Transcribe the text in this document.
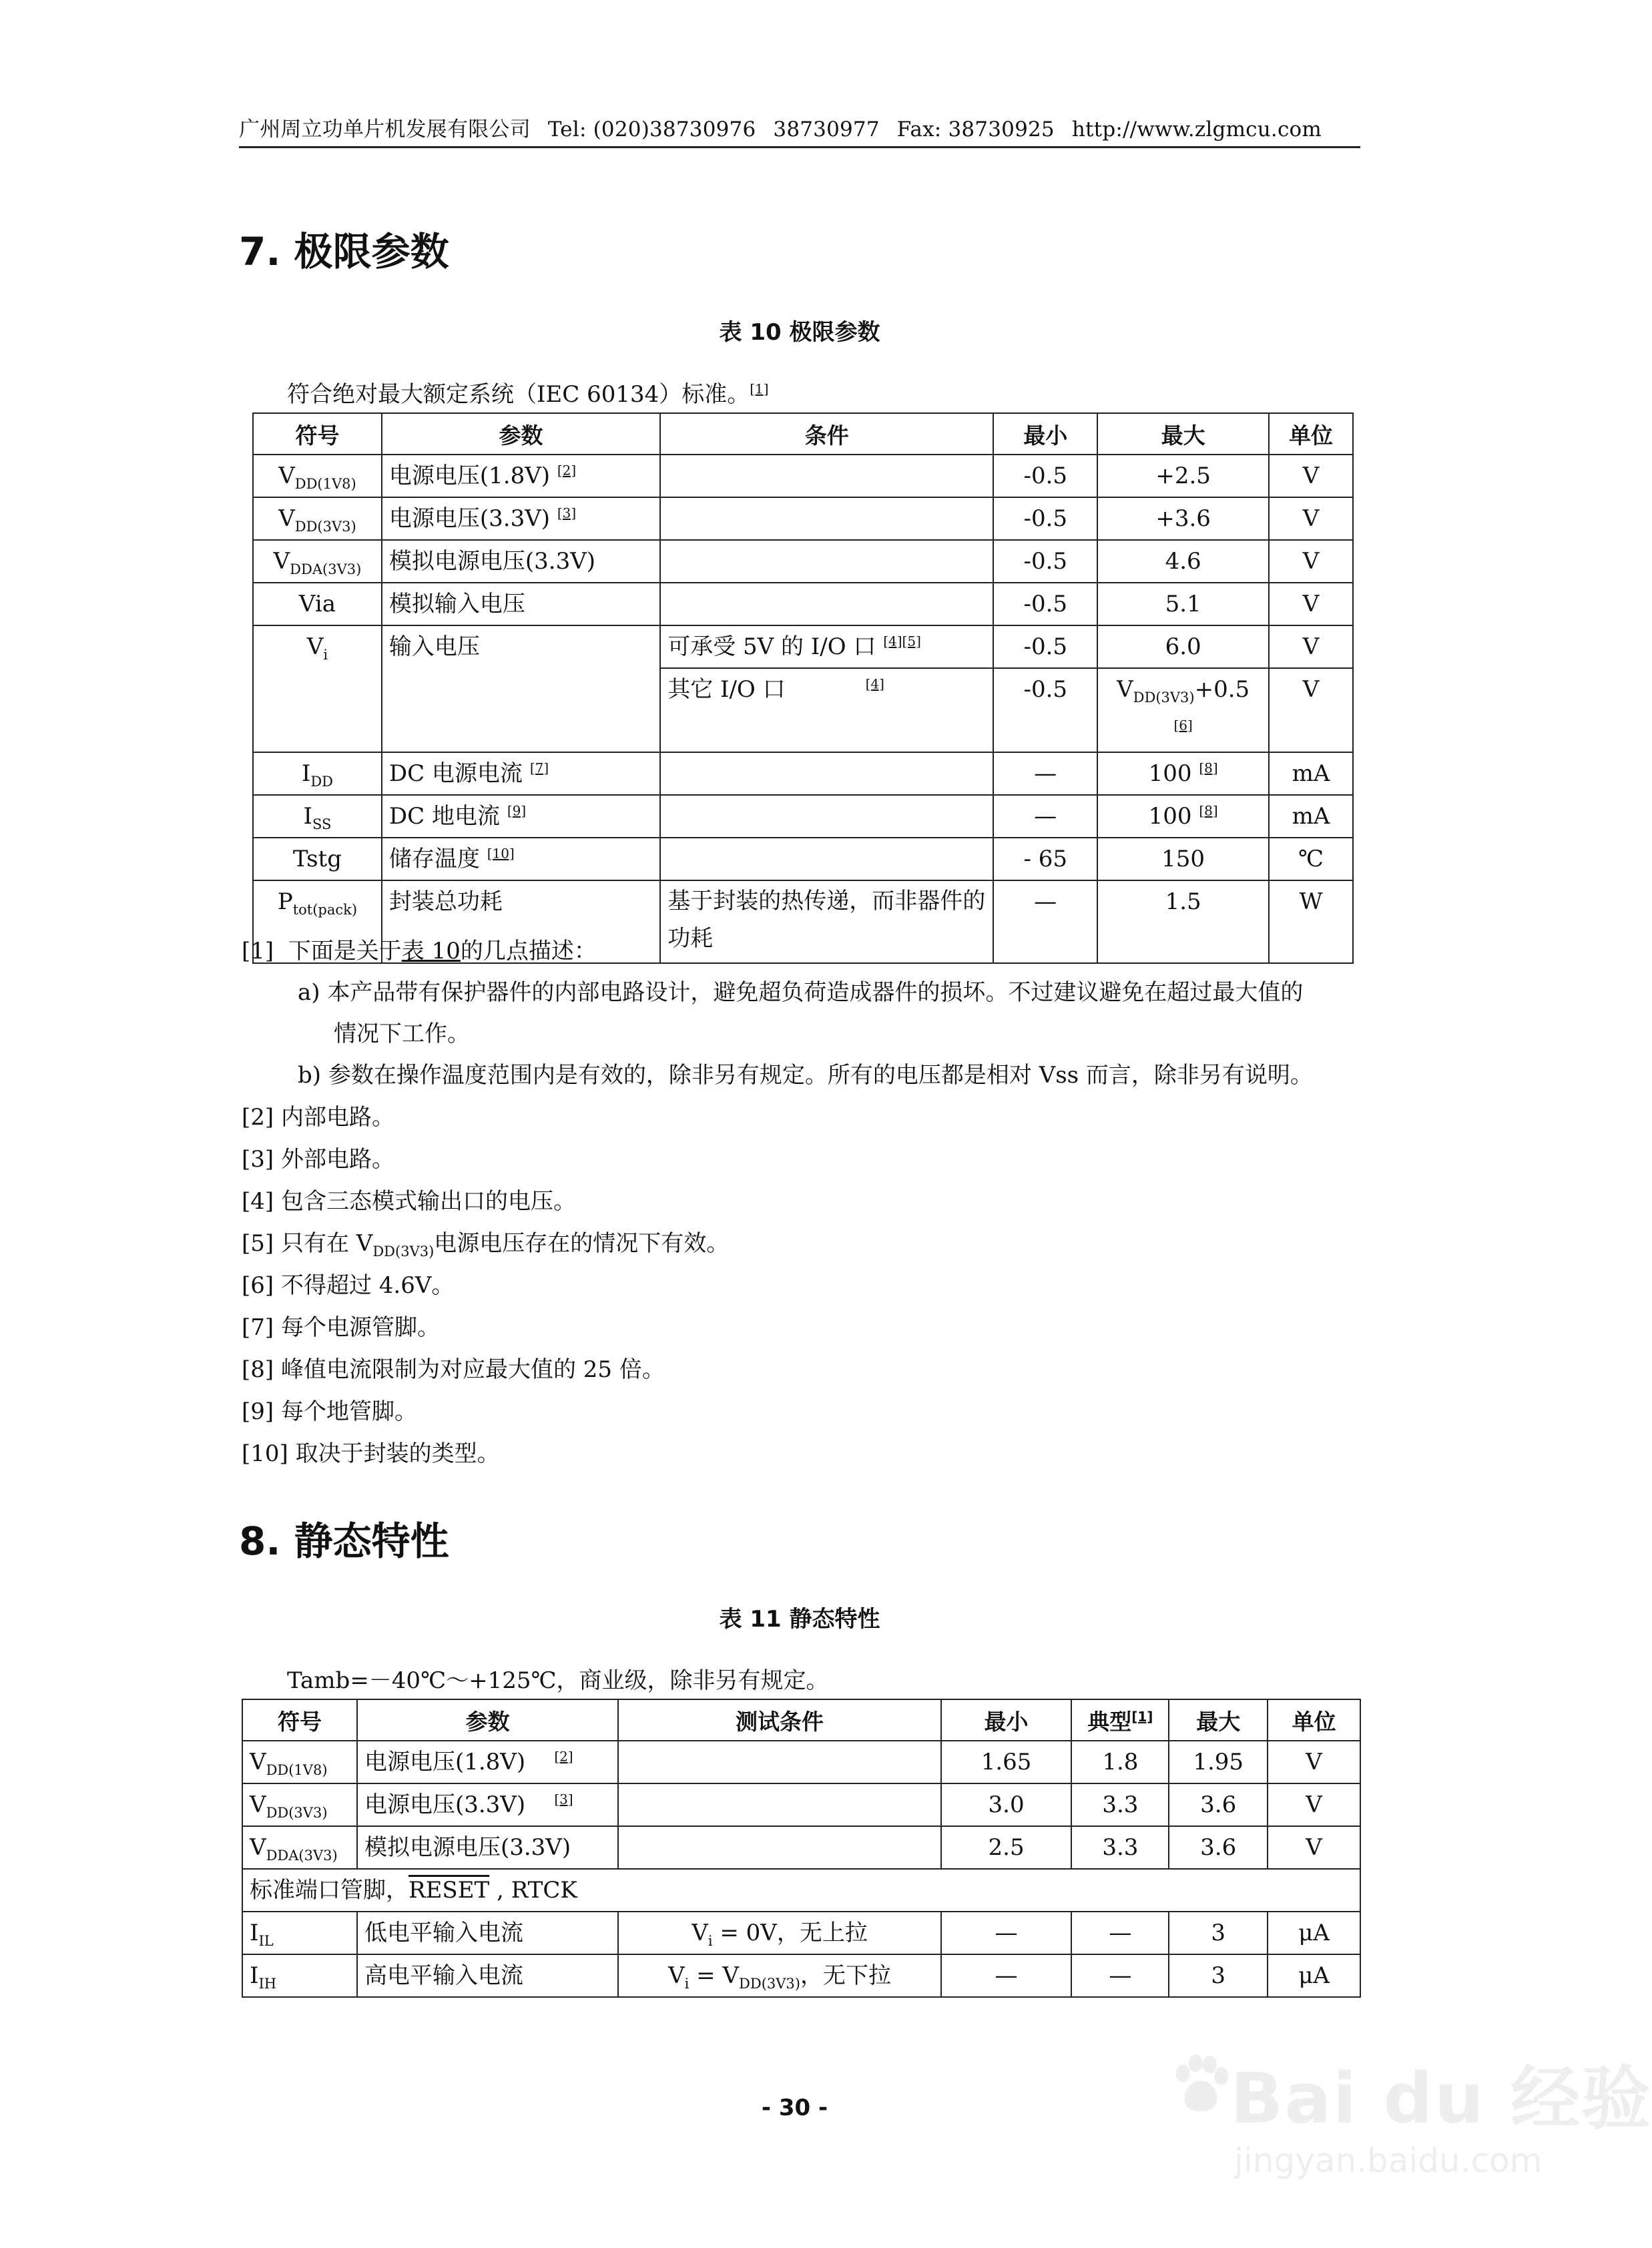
广州周立功单片机发展有限公司 Tel: (020)38730976 38730977 Fax: 38730925 http://www.zlgmcu.com
7. 极限参数
表 10 极限参数
符合绝对最大额定系统（IEC 60134）标准。[1]
符号	参数	条件	最小	最大	单位
$V_{DD(1V8)}$	电源电压(1.8V) [2]		-0.5	+2.5	V
$V_{DD(3V3)}$	电源电压(3.3V) [3]		-0.5	+3.6	V
$V_{DDA(3V3)}$	模拟电源电压(3.3V)		-0.5	4.6	V
Via	模拟输入电压		-0.5	5.1	V
$V_i$	输入电压	可承受 5V 的 I/O 口 [4][5]	-0.5	6.0	V
		其它 I/O 口 [4]	-0.5	$V_{DD(3V3)}+0.5$ [6]	V
$I_{DD}$	DC 电源电流 [7]		—	100 [8]	mA
$I_{SS}$	DC 地电流 [9]		—	100 [8]	mA
Tstg	储存温度 [10]		- 65	150	℃
$P_{tot(pack)}$	封装总功耗	基于封装的热传递，而非器件的功耗	—	1.5	W
[1] 下面是关于表 10的几点描述：
a) 本产品带有保护器件的内部电路设计，避免超负荷造成器件的损坏。不过建议避免在超过最大值的
情况下工作。
b) 参数在操作温度范围内是有效的，除非另有规定。所有的电压都是相对 Vss 而言，除非另有说明。
[2] 内部电路。
[3] 外部电路。
[4] 包含三态模式输出口的电压。
[5] 只有在 $V_{DD(3V3)}$电源电压存在的情况下有效。
[6] 不得超过 4.6V。
[7] 每个电源管脚。
[8] 峰值电流限制为对应最大值的 25 倍。
[9] 每个地管脚。
[10] 取决于封装的类型。
8. 静态特性
表 11 静态特性
Tamb=－40℃～+125℃，商业级，除非另有规定。
符号	参数	测试条件	最小	典型[1]	最大	单位
$V_{DD(1V8)}$	电源电压(1.8V) [2]		1.65	1.8	1.95	V
$V_{DD(3V3)}$	电源电压(3.3V) [3]		3.0	3.3	3.6	V
$V_{DDA(3V3)}$	模拟电源电压(3.3V)		2.5	3.3	3.6	V
标准端口管脚，RESET , RTCK						
$I_{IL}$	低电平输入电流	$V_i = 0V$，无上拉	—	—	3	μA
$I_{IH}$	高电平输入电流	$V_i = V_{DD(3V3)}$，无下拉	—	—	3	μA
- 30 -	Bai du 经验
jingyan.baidu.com
